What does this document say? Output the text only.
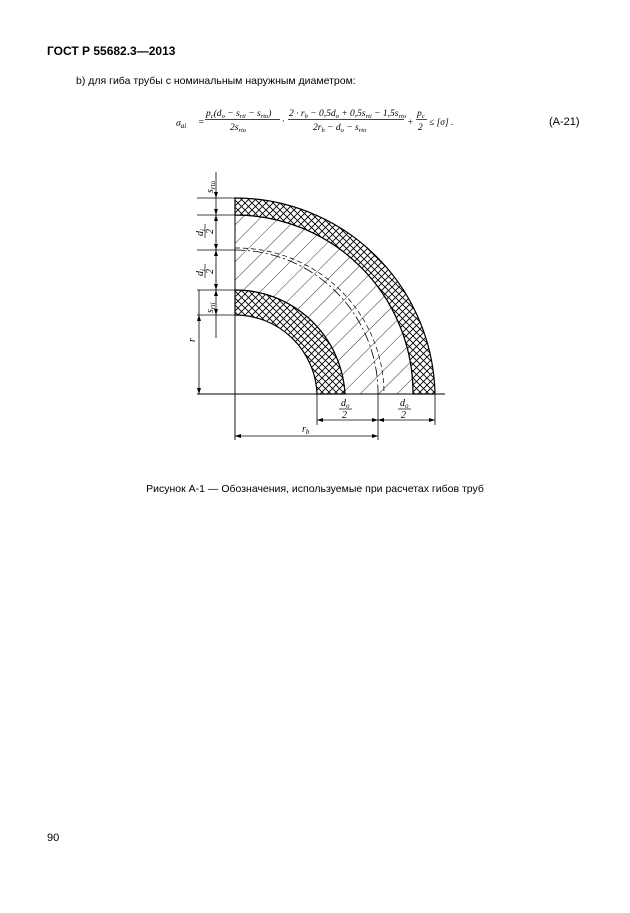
ГОСТ Р 55682.3—2013
b) для гиба трубы с номинальным наружным диаметром:
$\sigma_{ai}$ =
$p_c(d_o - s_{rti} - s_{rto})$
$2s_{rto}$
·
$2 \cdot r_b - 0,5d_o + 0,5s_{rti} - 1,5s_{rto}$
$2r_b - d_o - s_{rto}$
+
$p_c$
2 ≤ [σ] .	(A-21)
$s_{rto}$
$d_i$
2
$d_i$
2
$s_{rti}$
r
$d_o$
2
$d_o$
2
$r_b$
Рисунок А-1 — Обозначения, используемые при расчетах гибов труб
90
